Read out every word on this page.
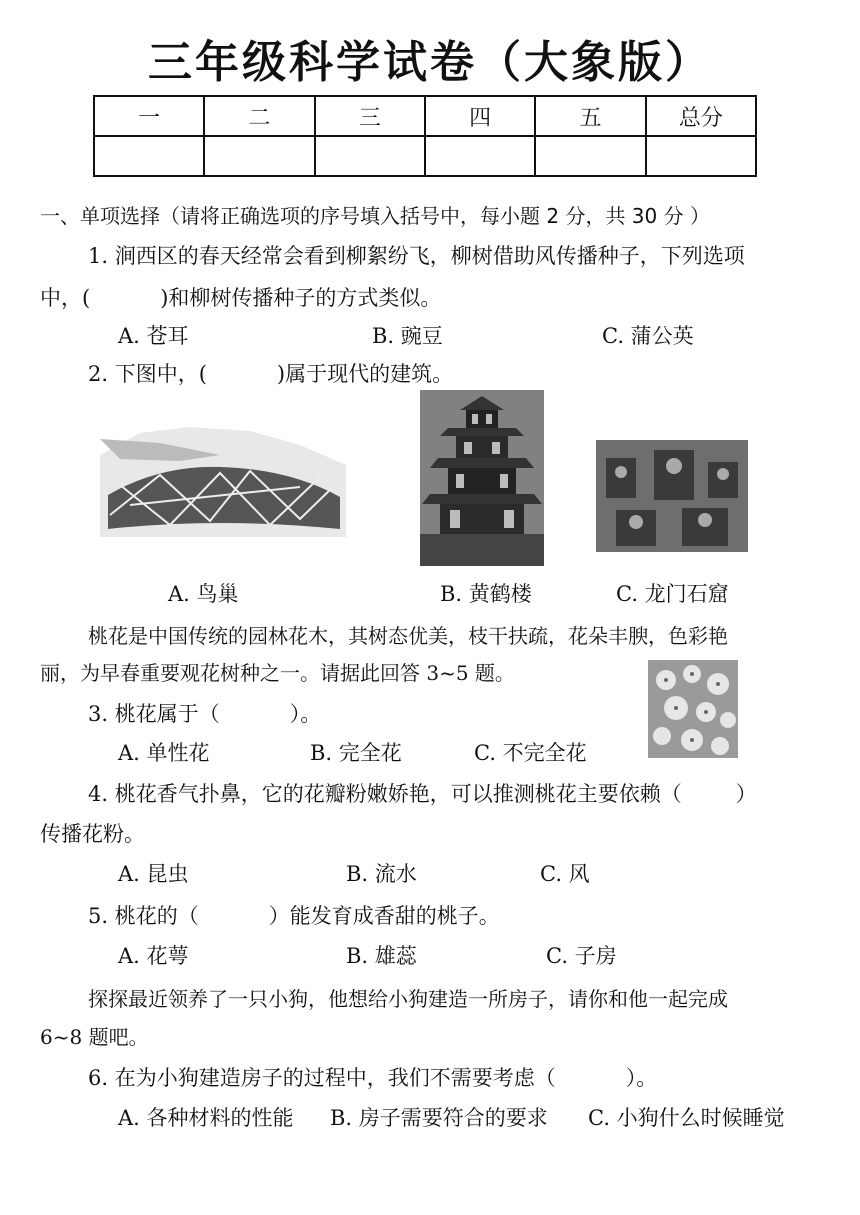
三年级科学试卷（大象版）
一	二	三	四	五	总分

一、单项选择（请将正确选项的序号填入括号中，每小题 2 分，共 30 分 ）
1. 涧西区的春天经常会看到柳絮纷飞，柳树借助风传播种子，下列选项
中，(	)和柳树传播种子的方式类似。
A. 苍耳	B. 豌豆	C. 蒲公英
2. 下图中，(	)属于现代的建筑。
A. 鸟巢	B. 黄鹤楼	C. 龙门石窟
桃花是中国传统的园林花木，其树态优美，枝干扶疏，花朵丰腴，色彩艳
丽，为早春重要观花树种之一。请据此回答 3~5 题。
3. 桃花属于（	）。
A. 单性花	B. 完全花	C. 不完全花
4. 桃花香气扑鼻，它的花瓣粉嫩娇艳，可以推测桃花主要依赖（	）
传播花粉。
A. 昆虫	B. 流水	C. 风
5. 桃花的（	）能发育成香甜的桃子。
A. 花萼	B. 雄蕊	C. 子房
探探最近领养了一只小狗，他想给小狗建造一所房子，请你和他一起完成
6~8 题吧。
6. 在为小狗建造房子的过程中，我们不需要考虑（	）。
A. 各种材料的性能 B. 房子需要符合的要求 C. 小狗什么时候睡觉
